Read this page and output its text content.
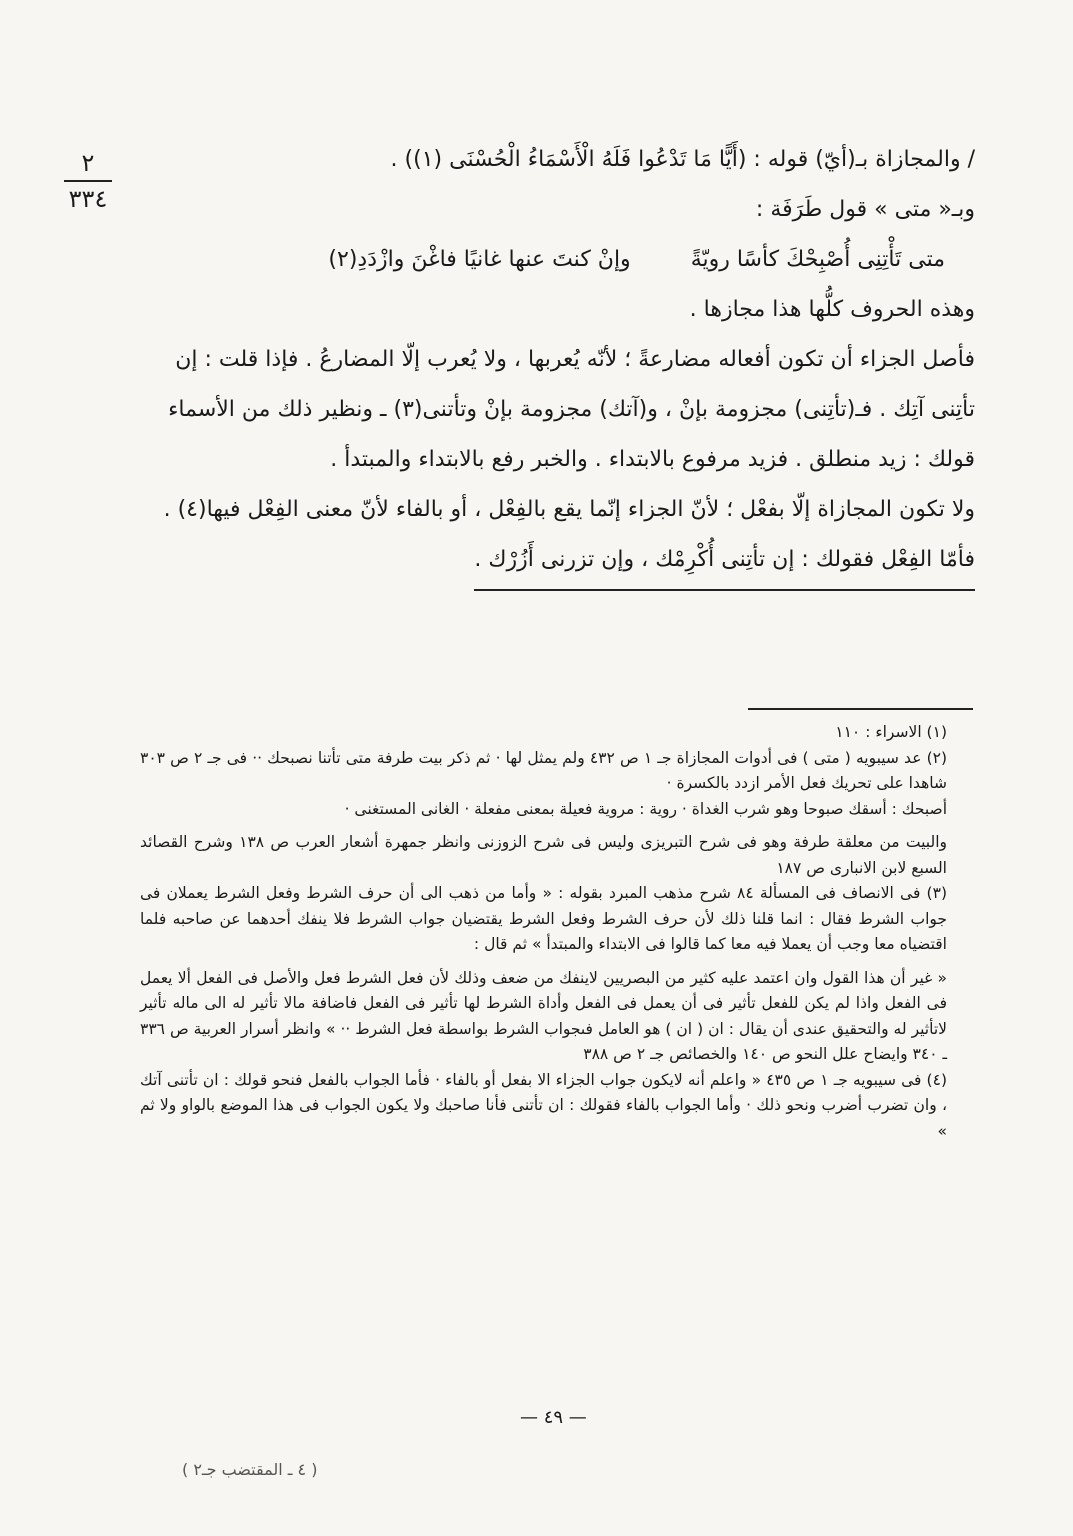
٢
٣٣٤

/ والمجازاة بـ(أيّ) قوله : (أَيًّا مَا تَدْعُوا فَلَهُ الْأَسْمَاءُ الْحُسْنَى (١)) .

وبـ« متى » قول طَرَفَة :

متى تَأْتِنِى أُصْبِحْكَ كأسًا رويّةً
وإنْ كنتَ عنها غانيًا فاغْنَ وازْدَدِ(٢)

وهذه الحروف كلُّها هذا مجازها .

فأصل الجزاء أن تكون أفعاله مضارعةً ؛ لأنّه يُعربها ، ولا يُعرب إلّا المضارعُ . فإذا قلت : إن تأتِنى آتِك . فـ(تأتِنى) مجزومة بإنْ ، و(آتك) مجزومة بإنْ وتأتنى(٣) ـ ونظير ذلك من الأسماء قولك : زيد منطلق . فزيد مرفوع بالابتداء . والخبر رفع بالابتداء والمبتدأ .

ولا تكون المجازاة إلّا بفعْل ؛ لأنّ الجزاء إنّما يقع بالفِعْل ، أو بالفاء لأنّ معنى الفِعْل فيها(٤) .

فأمّا الفِعْل فقولك : إن تأتِنى أُكْرِمْك ، وإن تزرنى أَزُرْك .

(١) الاسراء : ١١٠

(٢) عد سيبويه ( متى ) فى أدوات المجازاة جـ ١ ص ٤٣٢ ولم يمثل لها · ثم ذكر بيت طرفة متى تأتنا نصبحك ·· فى جـ ٢ ص ٣٠٣ شاهدا على تحريك فعل الأمر ازدد بالكسرة ·

أصبحك : أسقك صبوحا وهو شرب الغداة · روية : مروية فعيلة بمعنى مفعلة · الغانى المستغنى ·

والبيت من معلقة طرفة وهو فى شرح التبريزى وليس فى شرح الزوزنى وانظر جمهرة أشعار العرب ص ١٣٨ وشرح القصائد السبع لابن الانبارى ص ١٨٧

(٣) فى الانصاف فى المسألة ٨٤ شرح مذهب المبرد بقوله : « وأما من ذهب الى أن حرف الشرط وفعل الشرط يعملان فى جواب الشرط فقال : انما قلنا ذلك لأن حرف الشرط وفعل الشرط يقتضيان جواب الشرط فلا ينفك أحدهما عن صاحبه فلما اقتضياه معا وجب أن يعملا فيه معا كما قالوا فى الابتداء والمبتدأ » ثم قال :

« غير أن هذا القول وان اعتمد عليه كثير من البصريين لاينفك من ضعف وذلك لأن فعل الشرط فعل والأصل فى الفعل ألا يعمل فى الفعل واذا لم يكن للفعل تأثير فى أن يعمل فى الفعل وأداة الشرط لها تأثير فى الفعل فاضافة مالا تأثير له الى ماله تأثير لاتأثير له والتحقيق عندى أن يقال : ان ( ان ) هو العامل فىجواب الشرط بواسطة فعل الشرط ·· » وانظر أسرار العربية ص ٣٣٦ ـ ٣٤٠ وايضاح علل النحو ص ١٤٠ والخصائص جـ ٢ ص ٣٨٨

(٤) فى سيبويه جـ ١ ص ٤٣٥ « واعلم أنه لايكون جواب الجزاء الا بفعل أو بالفاء · فأما الجواب بالفعل فنحو قولك : ان تأتنى آتك ، وان تضرب أضرب ونحو ذلك · وأما الجواب بالفاء فقولك : ان تأتنى فأنا صاحبك ولا يكون الجواب فى هذا الموضع بالواو ولا ثم »

— ٤٩ —
( ٤ ـ المقتضب جـ٢ )
